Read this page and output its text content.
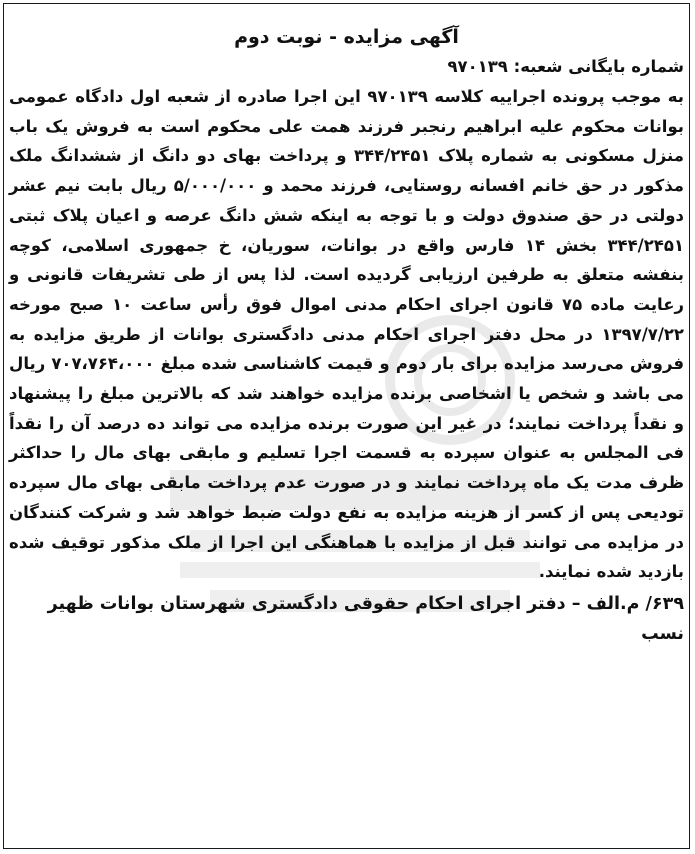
آگهی مزایده - نوبت دوم
شماره بایگانی شعبه: ۹۷۰۱۳۹

به موجب پرونده اجراییه کلاسه ۹۷۰۱۳۹ این اجرا صادره از شعبه اول دادگاه عمومی بوانات محکوم علیه ابراهیم رنجبر فرزند همت علی محکوم است به فروش یک باب منزل مسکونی به شماره پلاک ۳۴۴/۲۴۵۱ و پرداخت بهای دو دانگ از ششدانگ ملک مذکور در حق خانم افسانه روستایی، فرزند محمد و ۵/۰۰۰/۰۰۰ ریال بابت نیم عشر دولتی در حق صندوق دولت و با توجه به اینکه شش دانگ عرصه و اعیان پلاک ثبتی ۳۴۴/۲۴۵۱ بخش ۱۴ فارس واقع در بوانات، سوریان، خ جمهوری اسلامی، کوچه بنفشه متعلق به طرفین ارزیابی گردیده است. لذا پس از طی تشریفات قانونی و رعایت ماده ۷۵ قانون اجرای احکام مدنی اموال فوق رأس ساعت ۱۰ صبح مورخه ۱۳۹۷/۷/۲۲ در محل دفتر اجرای احکام مدنی دادگستری بوانات از طریق مزایده به فروش می‌رسد مزایده برای بار دوم و قیمت کاشناسی شده مبلغ ۷۰۷،۷۶۴،۰۰۰ ریال می باشد و شخص یا اشخاصی برنده مزایده خواهند شد که بالاترین مبلغ را پیشنهاد و نقداً پرداخت نمایند؛ در غیر این صورت برنده مزایده می تواند ده درصد آن را نقداً فی المجلس به عنوان سپرده به قسمت اجرا تسلیم و مابقی بهای مال را حداکثر ظرف مدت یک ماه پرداخت نمایند و در صورت عدم پرداخت مابقی بهای مال سپرده تودیعی پس از کسر از هزینه مزایده به نفع دولت ضبط خواهد شد و شرکت کنندگان در مزایده می توانند قبل از مزایده با هماهنگی این اجرا از ملک مذکور توقیف شده بازدید شده نمایند.

۶۳۹/ م.الف – دفتر اجرای احکام حقوقی دادگستری شهرستان بوانات ظهیر نسب
